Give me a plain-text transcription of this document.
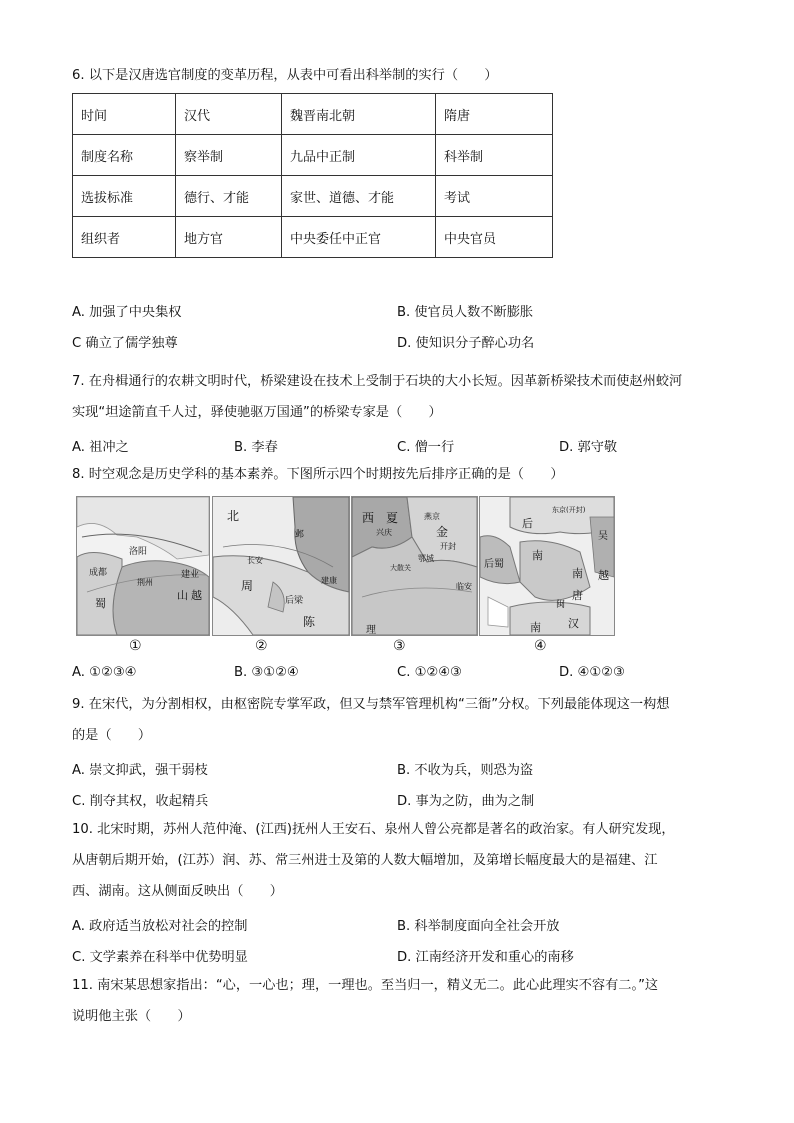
6. 以下是汉唐选官制度的变革历程，从表中可看出科举制的实行（　　）
时间	汉代	魏晋南北朝	隋唐
制度名称	察举制	九品中正制	科举制
选拔标准	德行、才能	家世、道德、才能	考试
组织者	地方官	中央委任中正官	中央官员
A. 加强了中央集权	B. 使官员人数不断膨胀
C 确立了儒学独尊	D. 使知识分子醉心功名
7. 在舟楫通行的农耕文明时代，桥梁建设在技术上受制于石块的大小长短。因革新桥梁技术而使赵州蛟河
实现“坦途箭直千人过，驿使驰驱万国通”的桥梁专家是（　　）
A. 祖冲之	B. 李春	C. 僧一行	D. 郭守敬
8. 时空观念是历史学科的基本素养。下图所示四个时期按先后排序正确的是（　　）
洛阳
成都
荆州
建业
蜀
山 越
北
邺
长安
周
后梁
建康
陈
西 夏	燕京
兴庆	金
开封
鄂城
大散关
临安
理
后
东京(开封)
后蜀
南
南
唐
越
吴
南 汉
闽
①	②	③	④
A. ①②③④	B. ③①②④	C. ①②④③	D. ④①②③
9. 在宋代，为分割相权，由枢密院专掌军政，但又与禁军管理机构“三衙”分权。下列最能体现这一构想
的是（　　）
A. 崇文抑武，强干弱枝	B. 不收为兵，则恐为盗
C. 削夺其权，收起精兵	D. 事为之防，曲为之制
10. 北宋时期，苏州人范仲淹、(江西)抚州人王安石、泉州人曾公亮都是著名的政治家。有人研究发现，
从唐朝后期开始，(江苏）润、苏、常三州进士及第的人数大幅增加，及第增长幅度最大的是福建、江
西、湖南。这从侧面反映出（　　）
A. 政府适当放松对社会的控制	B. 科举制度面向全社会开放
C. 文学素养在科举中优势明显	D. 江南经济开发和重心的南移
11. 南宋某思想家指出：“心，一心也；理，一理也。至当归一，精义无二。此心此理实不容有二。”这
说明他主张（　　）
